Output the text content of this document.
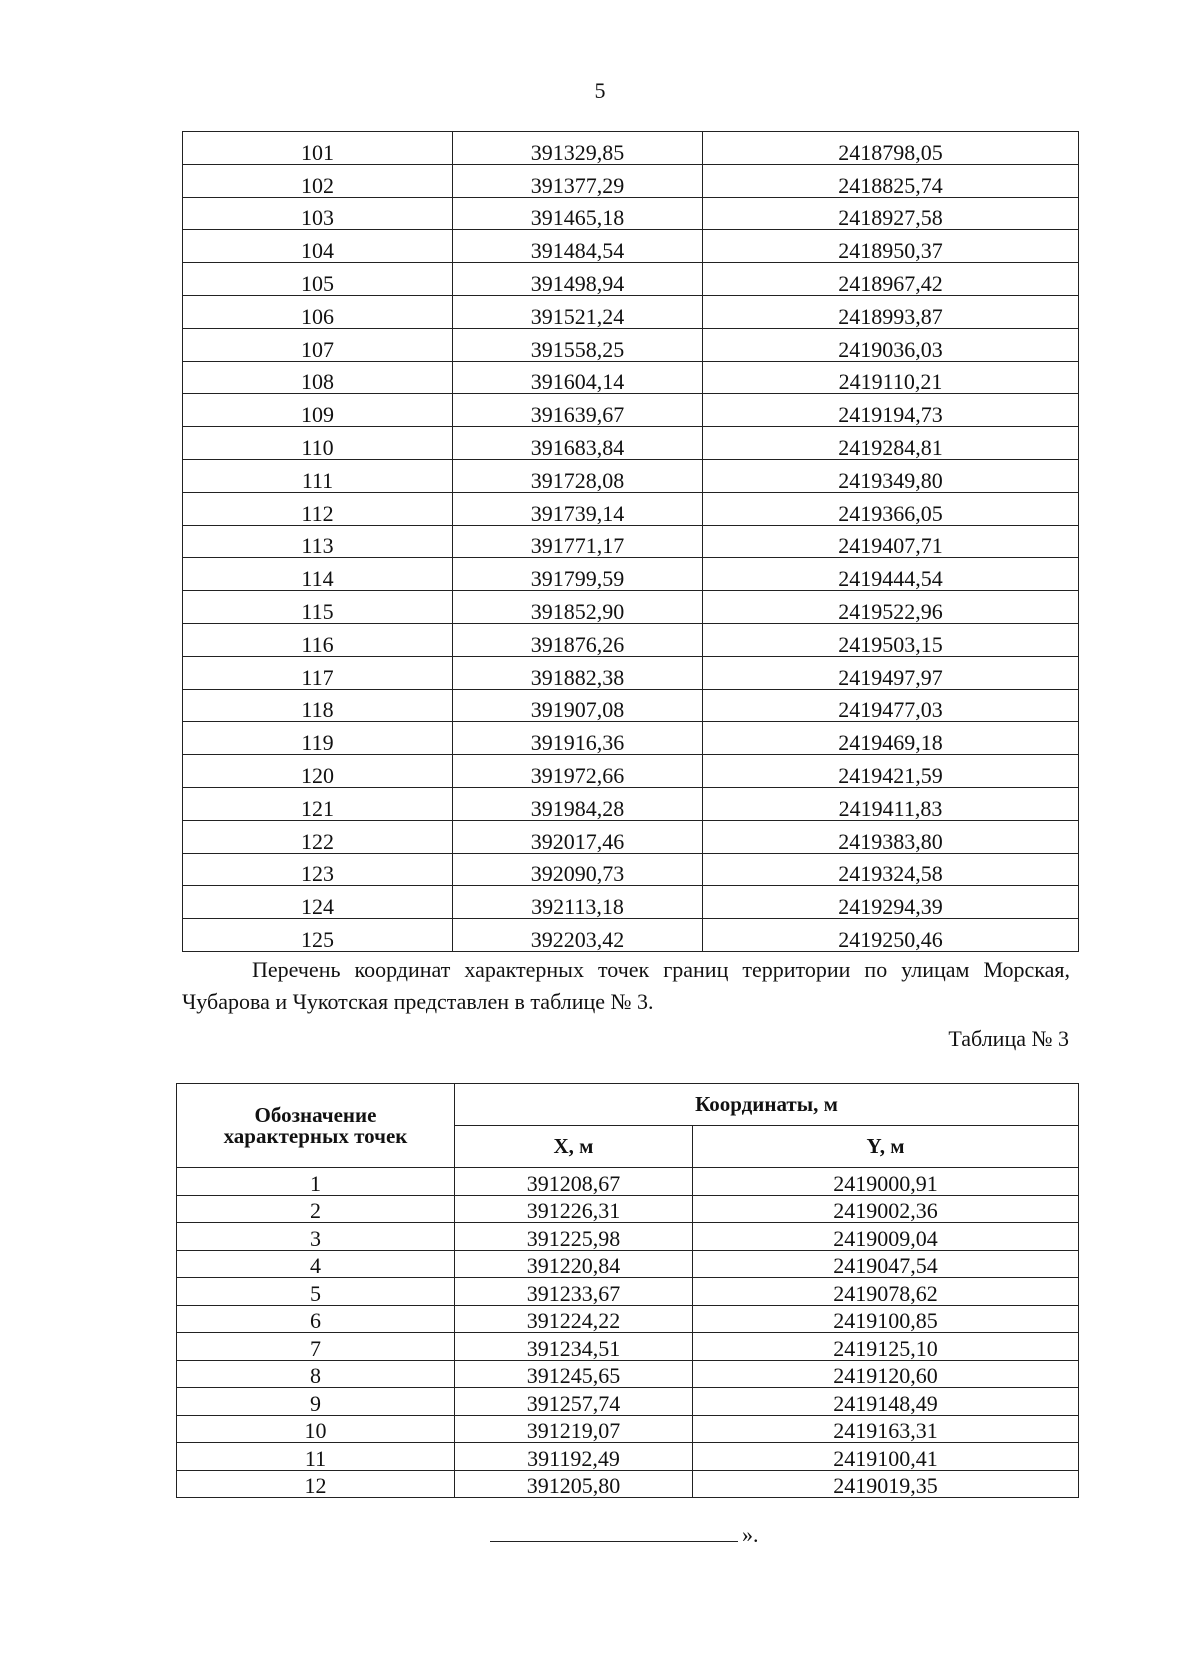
5
101	391329,85	2418798,05
102	391377,29	2418825,74
103	391465,18	2418927,58
104	391484,54	2418950,37
105	391498,94	2418967,42
106	391521,24	2418993,87
107	391558,25	2419036,03
108	391604,14	2419110,21
109	391639,67	2419194,73
110	391683,84	2419284,81
111	391728,08	2419349,80
112	391739,14	2419366,05
113	391771,17	2419407,71
114	391799,59	2419444,54
115	391852,90	2419522,96
116	391876,26	2419503,15
117	391882,38	2419497,97
118	391907,08	2419477,03
119	391916,36	2419469,18
120	391972,66	2419421,59
121	391984,28	2419411,83
122	392017,46	2419383,80
123	392090,73	2419324,58
124	392113,18	2419294,39
125	392203,42	2419250,46
Перечень координат характерных точек границ территории по улицам Морская, Чубарова и Чукотская представлен в таблице № 3.
Таблица № 3
Обозначение характерных точек	Координаты, м	
	X, м	Y, м
1	391208,67	2419000,91
2	391226,31	2419002,36
3	391225,98	2419009,04
4	391220,84	2419047,54
5	391233,67	2419078,62
6	391224,22	2419100,85
7	391234,51	2419125,10
8	391245,65	2419120,60
9	391257,74	2419148,49
10	391219,07	2419163,31
11	391192,49	2419100,41
12	391205,80	2419019,35
».
